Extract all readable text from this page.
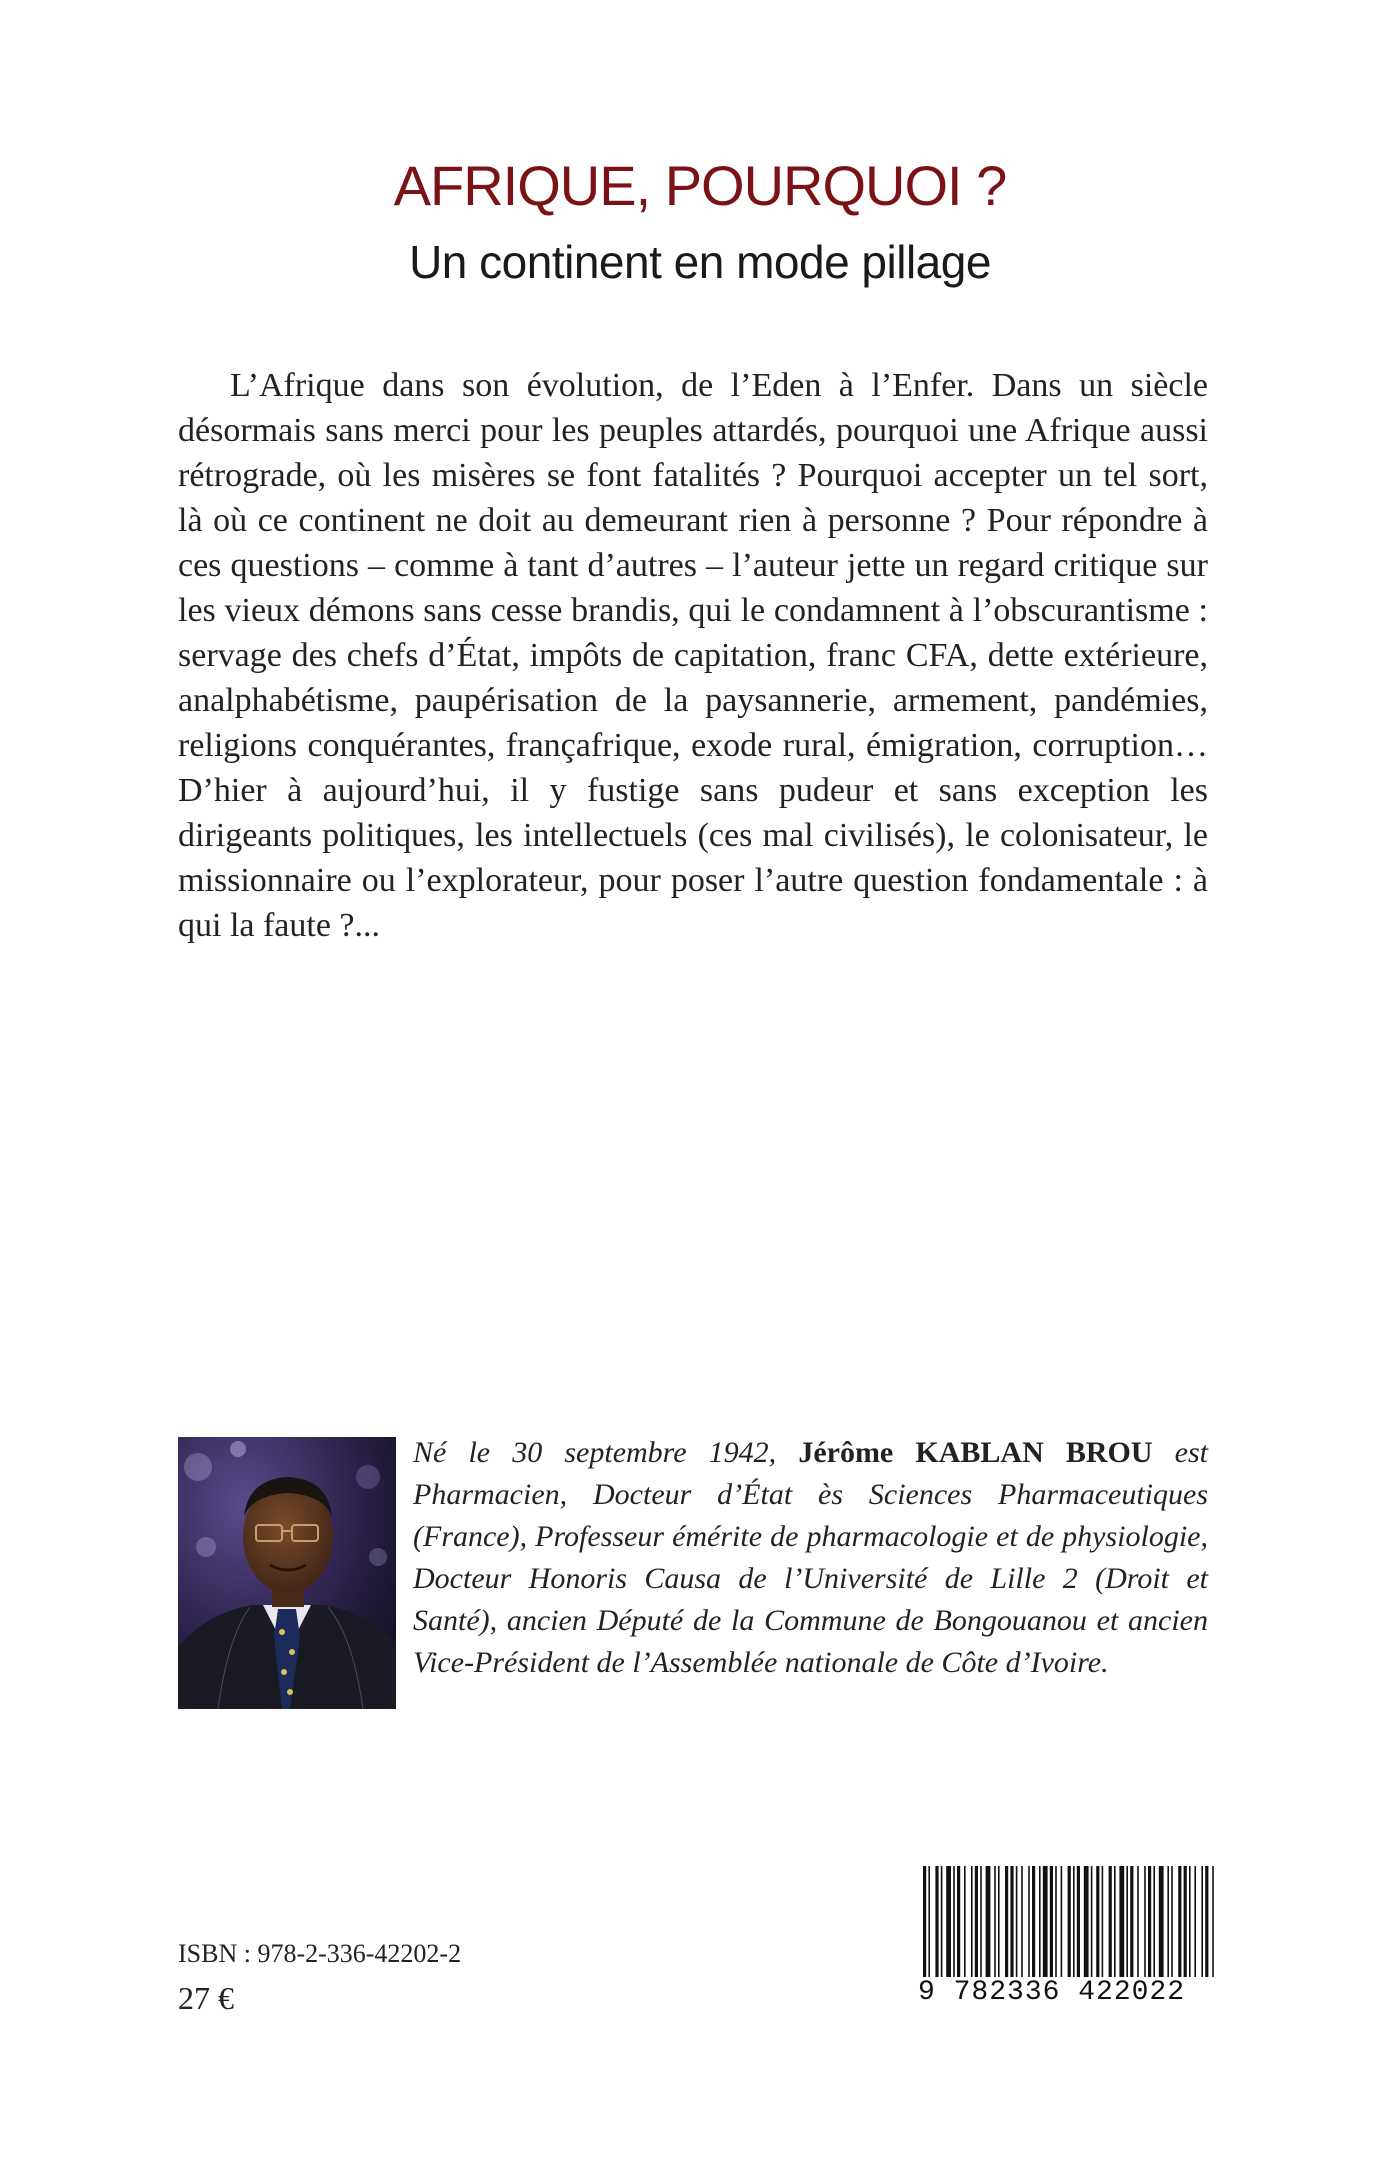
AFRIQUE, POURQUOI ?
Un continent en mode pillage

L’Afrique dans son évolution, de l’Eden à l’Enfer. Dans un siècle désormais sans merci pour les peuples attardés, pourquoi une Afrique aussi rétrograde, où les misères se font fatalités ? Pourquoi accepter un tel sort, là où ce continent ne doit au demeurant rien à personne ? Pour répondre à ces questions – comme à tant d’autres – l’auteur jette un regard critique sur les vieux démons sans cesse brandis, qui le condamnent à l’obscurantisme : servage des chefs d’État, impôts de capitation, franc CFA, dette extérieure, analphabétisme, paupérisation de la paysannerie, armement, pandémies, religions conquérantes, françafrique, exode rural, émigration, corruption… D’hier à aujourd’hui, il y fustige sans pudeur et sans exception les dirigeants politiques, les intellectuels (ces mal civilisés), le colonisateur, le missionnaire ou l’explorateur, pour poser l’autre question fondamentale : à qui la faute ?...

Né le 30 septembre 1942, Jérôme KABLAN BROU est Pharmacien, Docteur d’État ès Sciences Pharmaceutiques (France), Professeur émérite de pharmacologie et de physiologie, Docteur Honoris Causa de l’Université de Lille 2 (Droit et Santé), ancien Député de la Commune de Bongouanou et ancien Vice-Président de l’Assemblée nationale de Côte d’Ivoire.

ISBN : 978-2-336-42202-2

27 €	9 782336 422022
